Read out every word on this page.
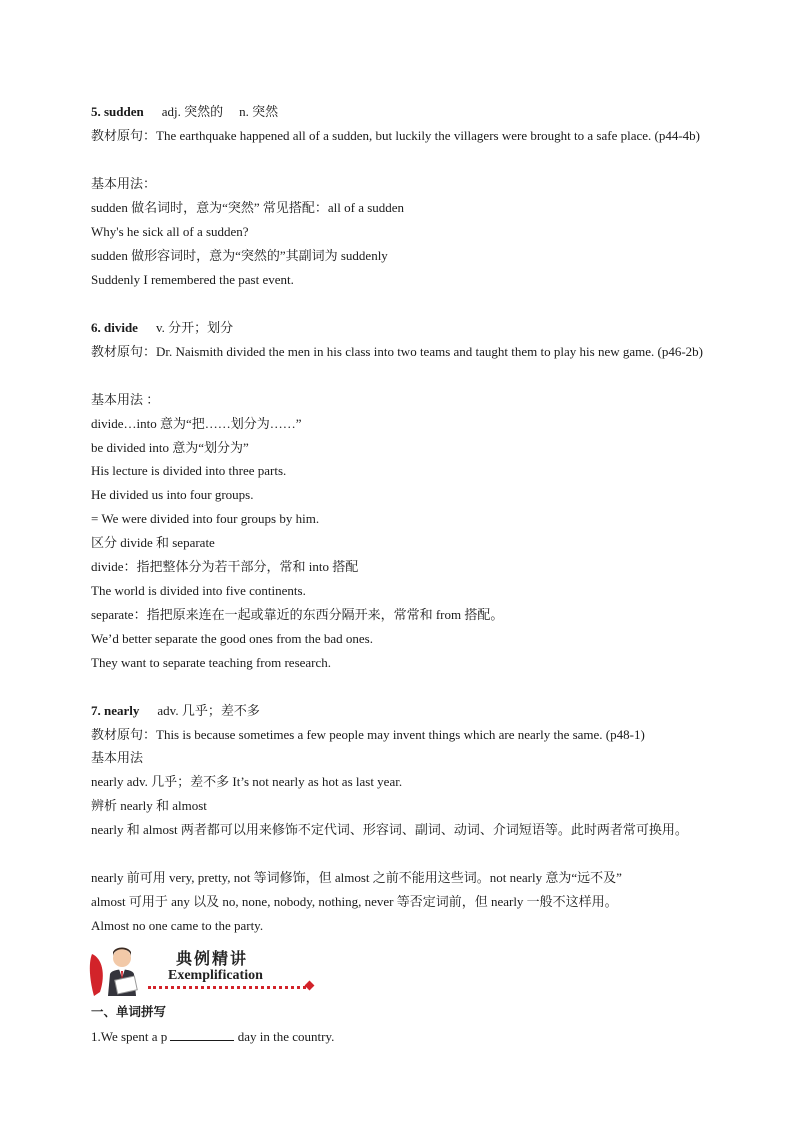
5. sudden adj. 突然的 n. 突然
教材原句：The earthquake happened all of a sudden, but luckily the villagers were brought to a safe place. (p44-4b)
基本用法：
sudden 做名词时，意为“突然” 常见搭配：all of a sudden
Why's he sick all of a sudden?
sudden 做形容词时，意为“突然的”其副词为 suddenly
Suddenly I remembered the past event.
6. divide v. 分开；划分
教材原句：Dr. Naismith divided the men in his class into two teams and taught them to play his new game. (p46-2b)
基本用法 ：
divide…into 意为“把……划分为……”
be divided into 意为“划分为”
His lecture is divided into three parts.
He divided us into four groups.
= We were divided into four groups by him.
区分 divide 和 separate
divide：指把整体分为若干部分，常和 into 搭配
The world is divided into five continents.
separate：指把原来连在一起或靠近的东西分隔开来，常常和 from 搭配。
We’d better separate the good ones from the bad ones.
They want to separate teaching from research.
7. nearly adv. 几乎；差不多
教材原句：This is because sometimes a few people may invent things which are nearly the same. (p48-1)
基本用法
nearly adv. 几乎；差不多 It’s not nearly as hot as last year.
辨析 nearly 和 almost
nearly 和 almost 两者都可以用来修饰不定代词、形容词、副词、动词、介词短语等。此时两者常可换用。
nearly 前可用 very, pretty, not 等词修饰，但 almost 之前不能用这些词。not nearly 意为“远不及”
almost 可用于 any 以及 no, none, nobody, nothing, never 等否定词前，但 nearly 一般不这样用。
Almost no one came to the party.
典例精讲
Exemplification
一、单词拼写
1.We spent a p	day in the country.
